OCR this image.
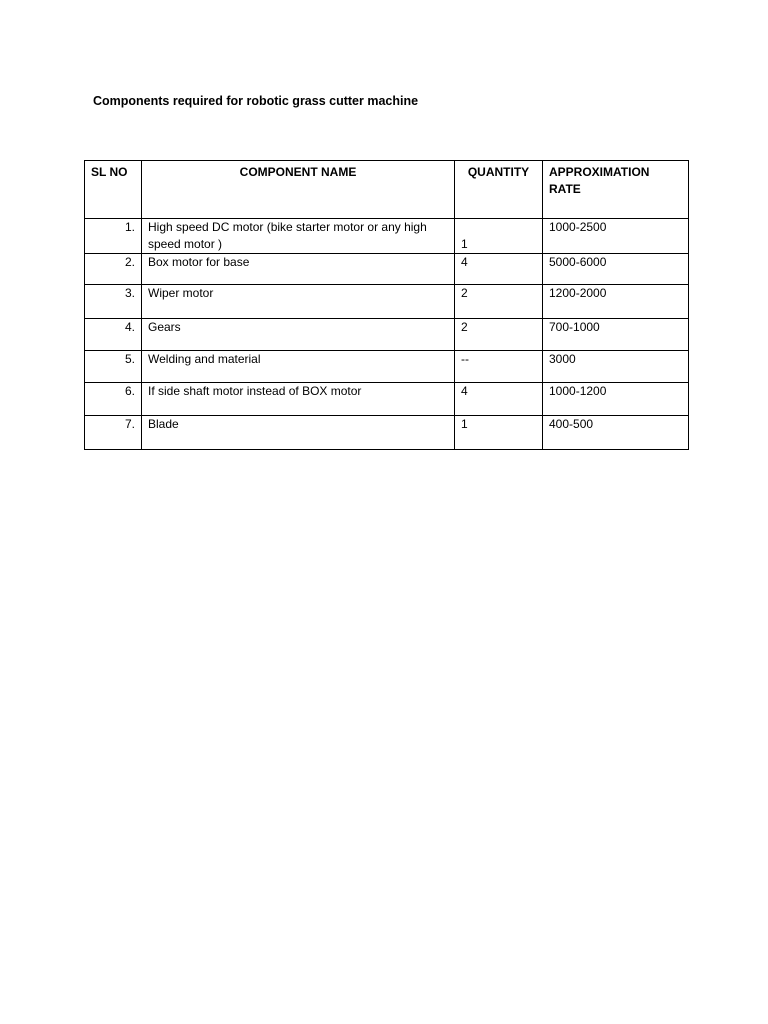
Components required for robotic grass cutter machine
SL NO	COMPONENT NAME	QUANTITY	APPROXIMATION RATE
1.	High speed DC motor (bike starter motor or any high speed motor )	1	1000-2500
2.	Box motor for base	4	5000-6000
3.	Wiper motor	2	1200-2000
4.	Gears	2	700-1000
5.	Welding and material	--	3000
6.	If side shaft motor instead of BOX motor	4	1000-1200
7.	Blade	1	400-500
